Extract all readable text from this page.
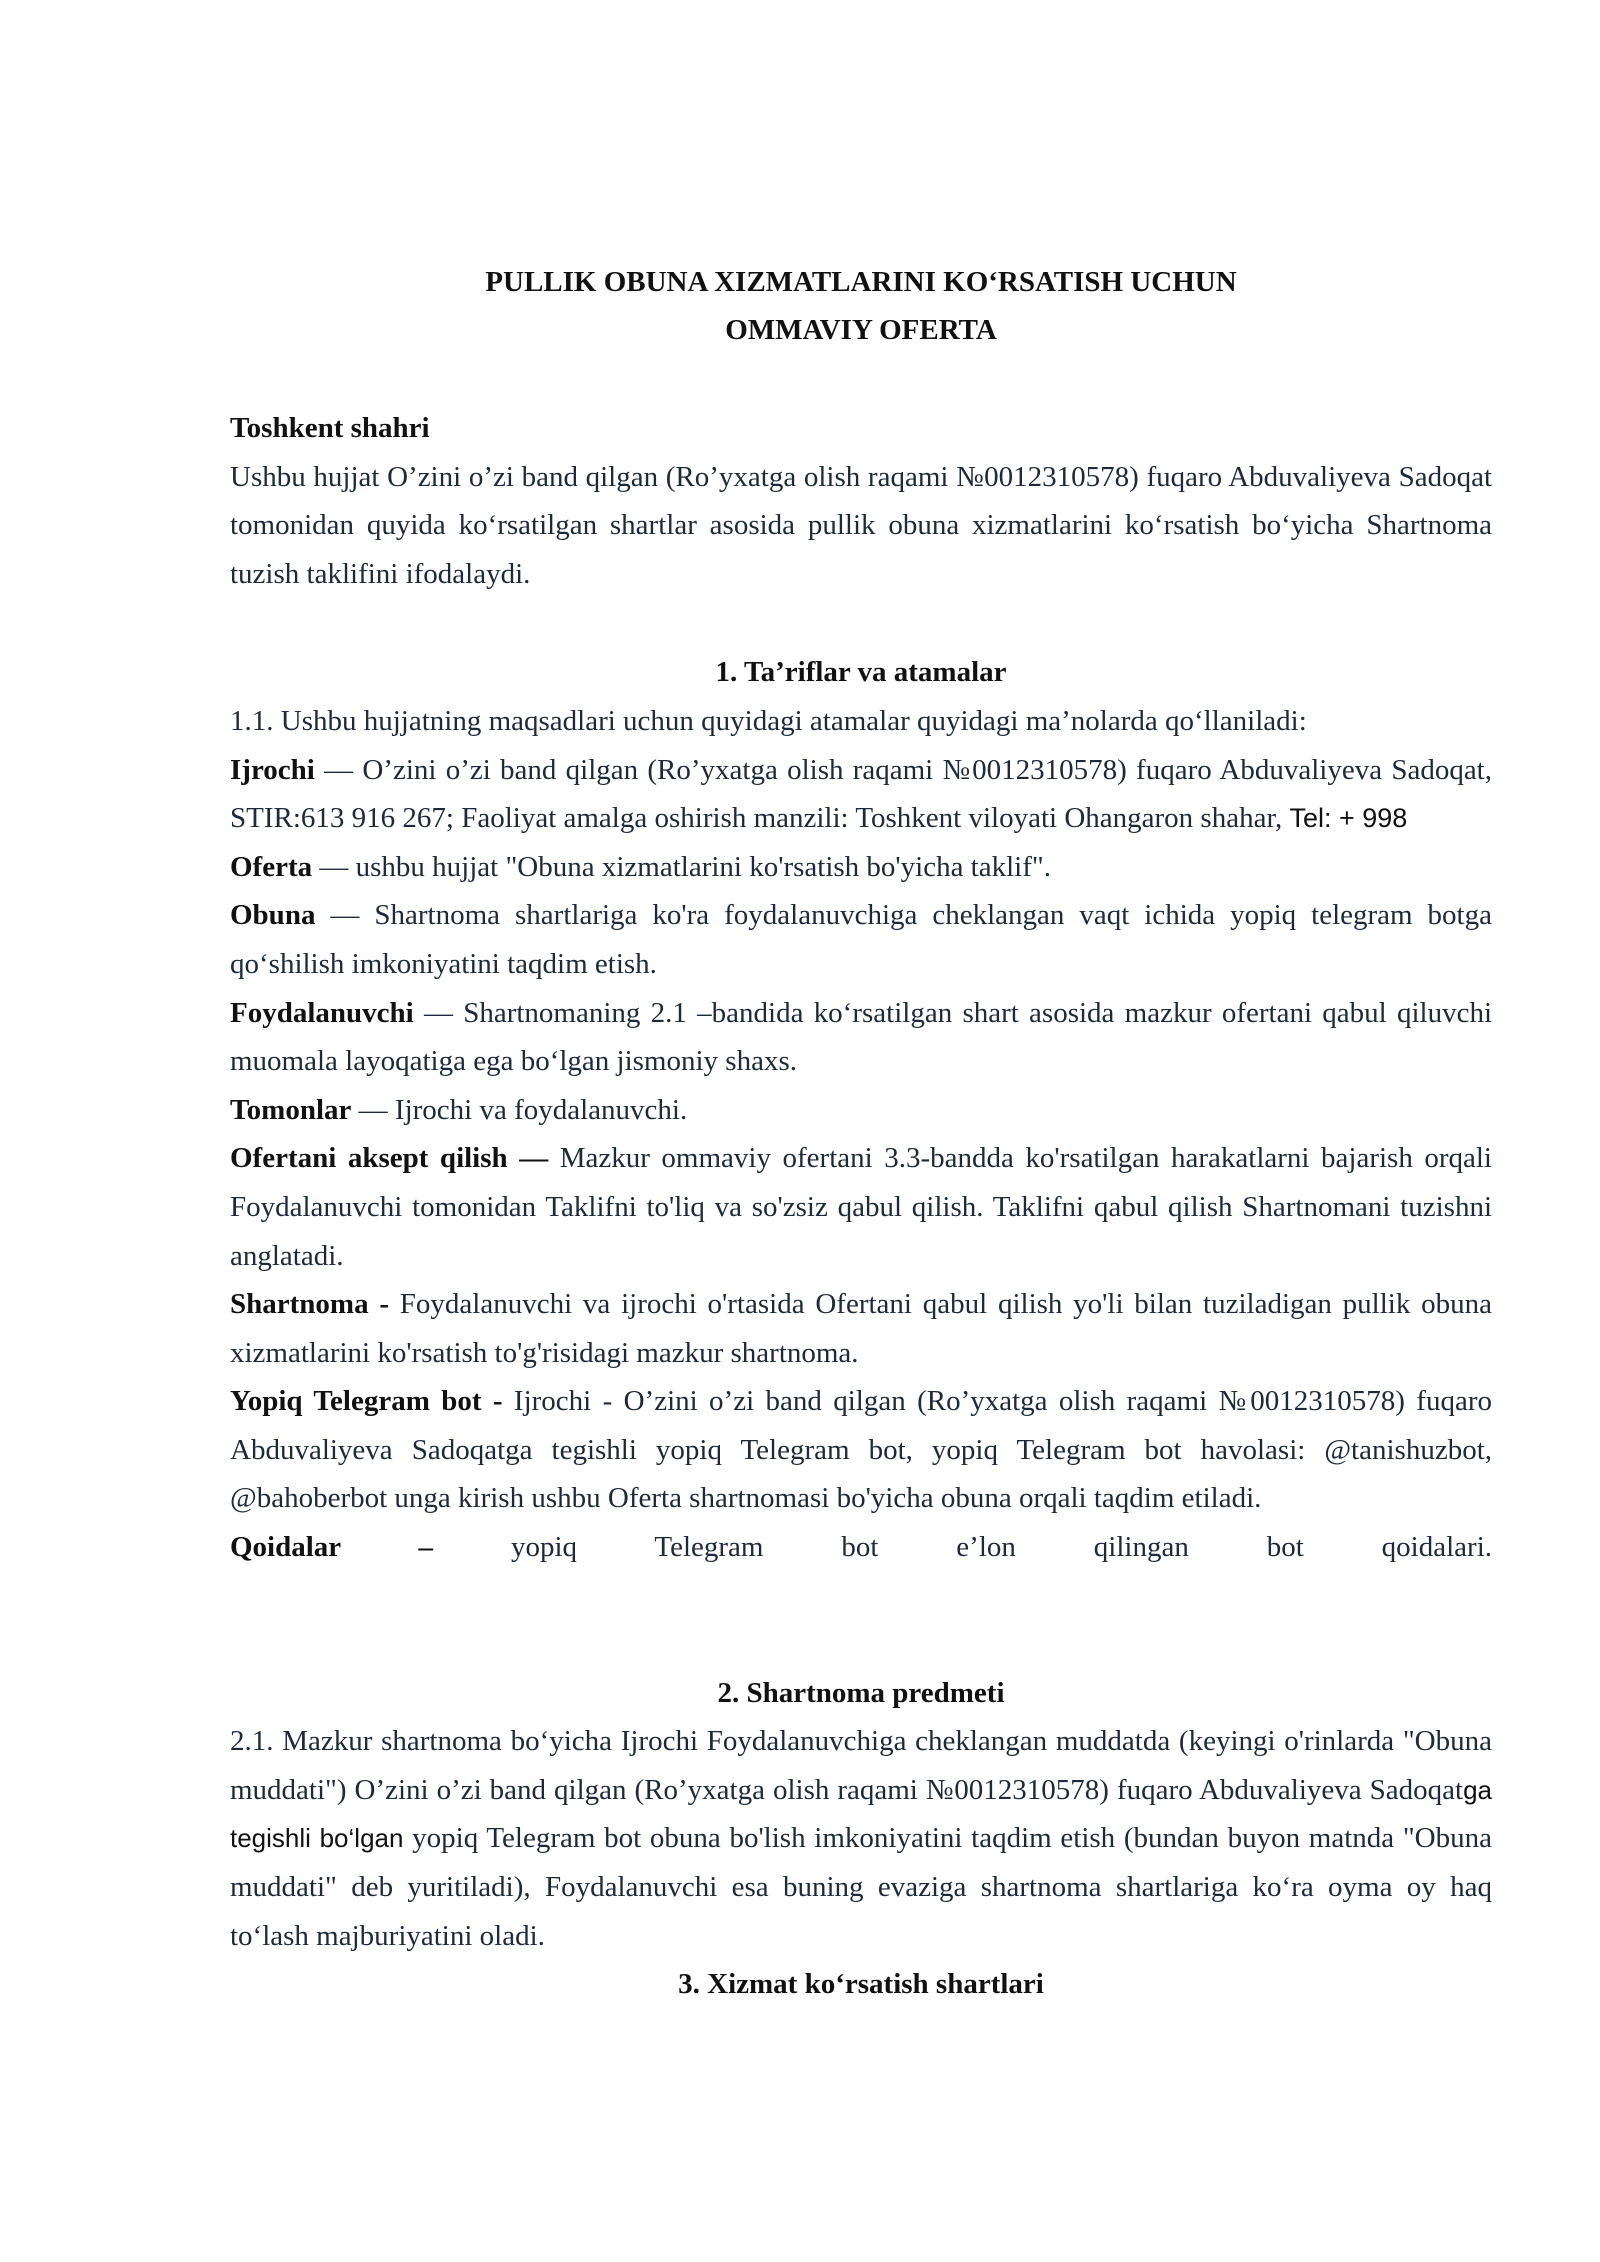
PULLIK OBUNA XIZMATLARINI KO‘RSATISH UCHUN
OMMAVIY OFERTA
Toshkent shahri

Ushbu hujjat O’zini o’zi band qilgan (Ro’yxatga olish raqami №0012310578) fuqaro Abduvaliyeva Sadoqat tomonidan quyida ko‘rsatilgan shartlar asosida pullik obuna xizmatlarini ko‘rsatish bo‘yicha Shartnoma tuzish taklifini ifodalaydi.

1. Ta’riflar va atamalar

1.1. Ushbu hujjatning maqsadlari uchun quyidagi atamalar quyidagi ma’nolarda qo‘llaniladi:

Ijrochi — O’zini o’zi band qilgan (Ro’yxatga olish raqami №0012310578) fuqaro Abduvaliyeva Sadoqat, STIR:613 916 267; Faoliyat amalga oshirish manzili: Toshkent viloyati Ohangaron shahar, Tel: + 998

Oferta — ushbu hujjat "Obuna xizmatlarini ko'rsatish bo'yicha taklif".

Obuna — Shartnoma shartlariga ko'ra foydalanuvchiga cheklangan vaqt ichida yopiq telegram botga qo‘shilish imkoniyatini taqdim etish.

Foydalanuvchi — Shartnomaning 2.1 –bandida ko‘rsatilgan shart asosida mazkur ofertani qabul qiluvchi muomala layoqatiga ega bo‘lgan jismoniy shaxs.

Tomonlar — Ijrochi va foydalanuvchi.

Ofertani aksept qilish — Mazkur ommaviy ofertani 3.3-bandda ko'rsatilgan harakatlarni bajarish orqali Foydalanuvchi tomonidan Taklifni to'liq va so'zsiz qabul qilish. Taklifni qabul qilish Shartnomani tuzishni anglatadi.

Shartnoma - Foydalanuvchi va ijrochi o'rtasida Ofertani qabul qilish yo'li bilan tuziladigan pullik obuna xizmatlarini ko'rsatish to'g'risidagi mazkur shartnoma.

Yopiq Telegram bot - Ijrochi - O’zini o’zi band qilgan (Ro’yxatga olish raqami №0012310578) fuqaro Abduvaliyeva Sadoqatga tegishli yopiq Telegram bot, yopiq Telegram bot havolasi: @tanishuzbot, @bahoberbot unga kirish ushbu Oferta shartnomasi bo'yicha obuna orqali taqdim etiladi.

Qoidalar – yopiq Telegram bot e’lon qilingan bot qoidalari.

2. Shartnoma predmeti

2.1. Mazkur shartnoma bo‘yicha Ijrochi Foydalanuvchiga cheklangan muddatda (keyingi o'rinlarda "Obuna muddati") O’zini o’zi band qilgan (Ro’yxatga olish raqami №0012310578) fuqaro Abduvaliyeva Sadoqatga tegishli bo‘lgan yopiq Telegram bot obuna bo'lish imkoniyatini taqdim etish (bundan buyon matnda "Obuna muddati" deb yuritiladi), Foydalanuvchi esa buning evaziga shartnoma shartlariga ko‘ra oyma oy haq to‘lash majburiyatini oladi.

3. Xizmat ko‘rsatish shartlari
